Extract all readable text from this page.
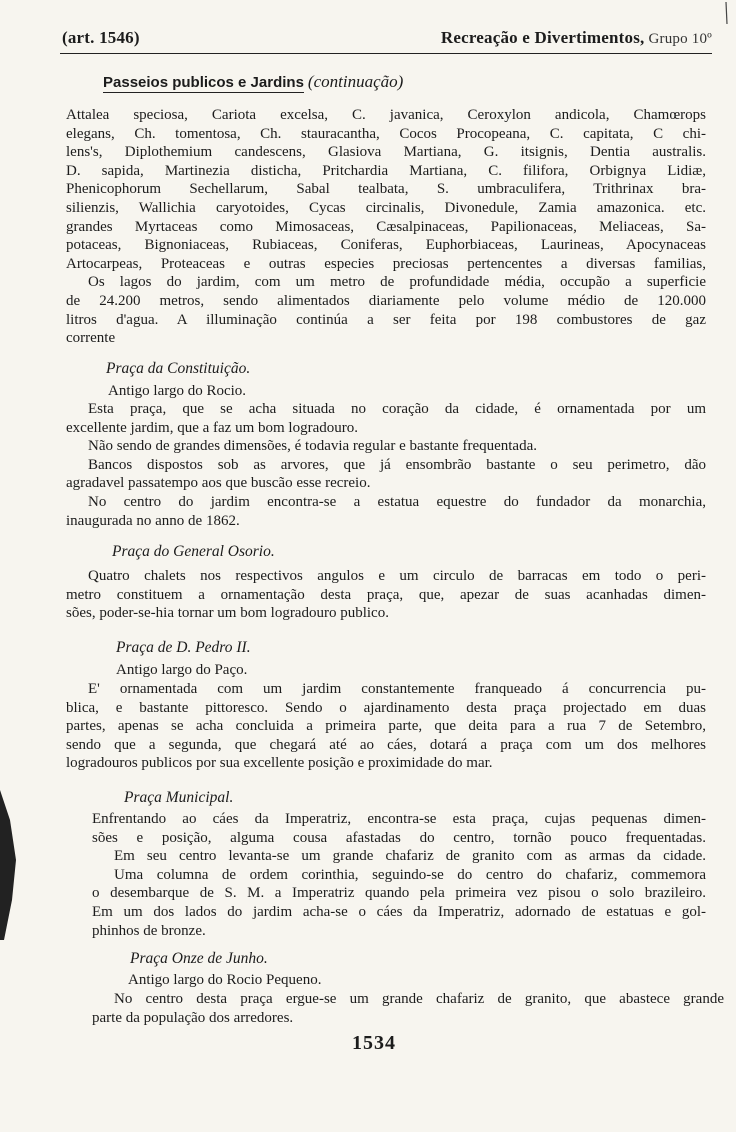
(art. 1546)	Recreação e Divertimentos, Grupo 10º
Passeios publicos e Jardins (continuação)
Attalea speciosa, Cariota excelsa, C. javanica, Ceroxylon andicola, Chamœrops
elegans, Ch. tomentosa, Ch. stauracantha, Cocos Procopeana, C. capitata, C chi-
lens's, Diplothemium candescens, Glasiova Martiana, G. itsignis, Dentia australis.
D. sapida, Martinezia disticha, Pritchardia Martiana, C. filifora, Orbignya Lidiæ,
Phenicophorum Sechellarum, Sabal tealbata, S. umbraculifera, Trithrinax bra-
silienzis, Wallichia caryotoides, Cycas circinalis, Divonedule, Zamia amazonica. etc.
grandes Myrtaceas como Mimosaceas, Cæsalpinaceas, Papilionaceas, Meliaceas, Sa-
potaceas, Bignoniaceas, Rubiaceas, Coniferas, Euphorbiaceas, Laurineas, Apocynaceas
Artocarpeas, Proteaceas e outras especies preciosas pertencentes a diversas familias,
Os lagos do jardim, com um metro de profundidade média, occupão a superficie
de 24.200 metros, sendo alimentados diariamente pelo volume médio de 120.000
litros d'agua. A illuminação continúa a ser feita por 198 combustores de gaz
corrente
Praça da Constituição.
Antigo largo do Rocio.
Esta praça, que se acha situada no coração da cidade, é ornamentada por um
excellente jardim, que a faz um bom logradouro.
Não sendo de grandes dimensões, é todavia regular e bastante frequentada.
Bancos dispostos sob as arvores, que já ensombrão bastante o seu perimetro, dão
agradavel passatempo aos que buscão esse recreio.
No centro do jardim encontra-se a estatua equestre do fundador da monarchia,
inaugurada no anno de 1862.
Praça do General Osorio.
Quatro chalets nos respectivos angulos e um circulo de barracas em todo o peri-
metro constituem a ornamentação desta praça, que, apezar de suas acanhadas dimen-
sões, poder-se-hia tornar um bom logradouro publico.
Praça de D. Pedro II.
Antigo largo do Paço.
E' ornamentada com um jardim constantemente franqueado á concurrencia pu-
blica, e bastante pittoresco. Sendo o ajardinamento desta praça projectado em duas
partes, apenas se acha concluida a primeira parte, que deita para a rua 7 de Setembro,
sendo que a segunda, que chegará até ao cáes, dotará a praça com um dos melhores
logradouros publicos por sua excellente posição e proximidade do mar.
Praça Municipal.
Enfrentando ao cáes da Imperatriz, encontra-se esta praça, cujas pequenas dimen-
sões e posição, alguma cousa afastadas do centro, tornão pouco frequentadas.
Em seu centro levanta-se um grande chafariz de granito com as armas da cidade.
Uma columna de ordem corinthia, seguindo-se do centro do chafariz, commemora
o desembarque de S. M. a Imperatriz quando pela primeira vez pisou o solo brazileiro.
Em um dos lados do jardim acha-se o cáes da Imperatriz, adornado de estatuas e gol-
phinhos de bronze.
Praça Onze de Junho.
Antigo largo do Rocio Pequeno.
No centro desta praça ergue-se um grande chafariz de granito, que abastece grande
parte da população dos arredores.
1534
